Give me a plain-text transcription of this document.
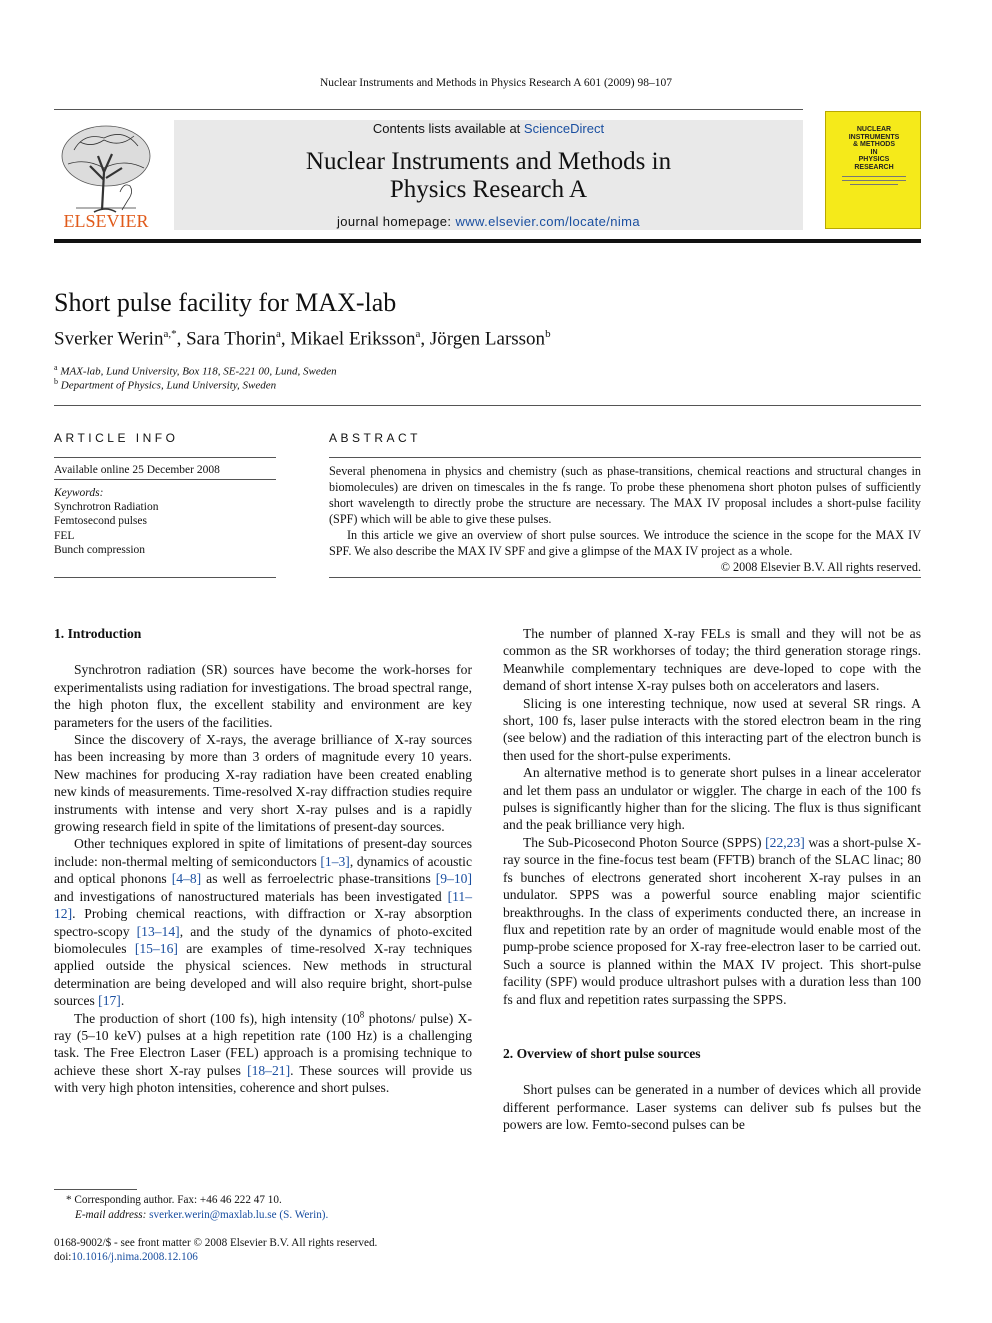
Nuclear Instruments and Methods in Physics Research A 601 (2009) 98–107
ELSEVIER
Contents lists available at ScienceDirect
Nuclear Instruments and Methods in
Physics Research A
journal homepage: www.elsevier.com/locate/nima
NUCLEAR
INSTRUMENTS
& METHODS
IN
PHYSICS
RESEARCH
Short pulse facility for MAX-lab
Sverker Werin$^{a,*}$, Sara Thorin$^a$, Mikael Eriksson$^a$, Jörgen Larsson$^b$
$^a$ MAX-lab, Lund University, Box 118, SE-221 00, Lund, Sweden
$^b$ Department of Physics, Lund University, Sweden
ARTICLE INFO
Available online 25 December 2008
Keywords:
Synchrotron Radiation
Femtosecond pulses
FEL
Bunch compression
ABSTRACT

Several phenomena in physics and chemistry (such as phase-transitions, chemical reactions and structural changes in biomolecules) are driven on timescales in the fs range. To probe these phenomena short photon pulses of sufficiently short wavelength to directly probe the structure are necessary. The MAX IV proposal includes a short-pulse facility (SPF) which will be able to give these pulses.

In this article we give an overview of short pulse sources. We introduce the science in the scope for the MAX IV SPF. We also describe the MAX IV SPF and give a glimpse of the MAX IV project as a whole.

© 2008 Elsevier B.V. All rights reserved.

1. Introduction

Synchrotron radiation (SR) sources have become the work-horses for experimentalists using radiation for investigations. The broad spectral range, the high photon flux, the excellent stability and environment are key parameters for the users of the facilities.

Since the discovery of X-rays, the average brilliance of X-ray sources has been increasing by more than 3 orders of magnitude every 10 years. New machines for producing X-ray radiation have been created enabling new kinds of measurements. Time-resolved X-ray diffraction studies require instruments with intense and very short X-ray pulses and is a rapidly growing research field in spite of the limitations of present-day sources.

Other techniques explored in spite of limitations of present-day sources include: non-thermal melting of semiconductors [1–3], dynamics of acoustic and optical phonons [4–8] as well as ferroelectric phase-transitions [9–10] and investigations of nanostructured materials has been investigated [11–12]. Probing chemical reactions, with diffraction or X-ray absorption spectro-scopy [13–14], and the study of the dynamics of photo-excited biomolecules [15–16] are examples of time-resolved X-ray techniques applied outside the physical sciences. New methods in structural determination are being developed and will also require bright, short-pulse sources [17].

The production of short (100 fs), high intensity ($10^8$ photons/ pulse) X-ray (5–10 keV) pulses at a high repetition rate (100 Hz) is a challenging task. The Free Electron Laser (FEL) approach is a promising technique to achieve these short X-ray pulses [18–21]. These sources will provide us with very high photon intensities, coherence and short pulses.

The number of planned X-ray FELs is small and they will not be as common as the SR workhorses of today; the third generation storage rings. Meanwhile complementary techniques are deve-loped to cope with the demand of short intense X-ray pulses both on accelerators and lasers.

Slicing is one interesting technique, now used at several SR rings. A short, 100 fs, laser pulse interacts with the stored electron beam in the ring (see below) and the radiation of this interacting part of the electron bunch is then used for the short-pulse experiments.

An alternative method is to generate short pulses in a linear accelerator and let them pass an undulator or wiggler. The charge in each of the 100 fs pulses is significantly higher than for the slicing. The flux is thus significant and the peak brilliance very high.

The Sub-Picosecond Photon Source (SPPS) [22,23] was a short-pulse X-ray source in the fine-focus test beam (FFTB) branch of the SLAC linac; 80 fs bunches of electrons generated short incoherent X-ray pulses in an undulator. SPPS was a powerful source enabling major scientific breakthroughs. In the class of experiments conducted there, an increase in flux and repetition rate by an order of magnitude would enable most of the pump-probe science proposed for X-ray free-electron laser to be carried out. Such a source is planned within the MAX IV project. This short-pulse facility (SPF) would produce ultrashort pulses with a duration less than 100 fs and flux and repetition rates surpassing the SPPS.

2. Overview of short pulse sources

Short pulses can be generated in a number of devices which all provide different performance. Laser systems can deliver sub fs pulses but the powers are low. Femto-second pulses can be

* Corresponding author. Fax: +46 46 222 47 10.
E-mail address: sverker.werin@maxlab.lu.se (S. Werin).
0168-9002/$ - see front matter © 2008 Elsevier B.V. All rights reserved.
doi:10.1016/j.nima.2008.12.106
